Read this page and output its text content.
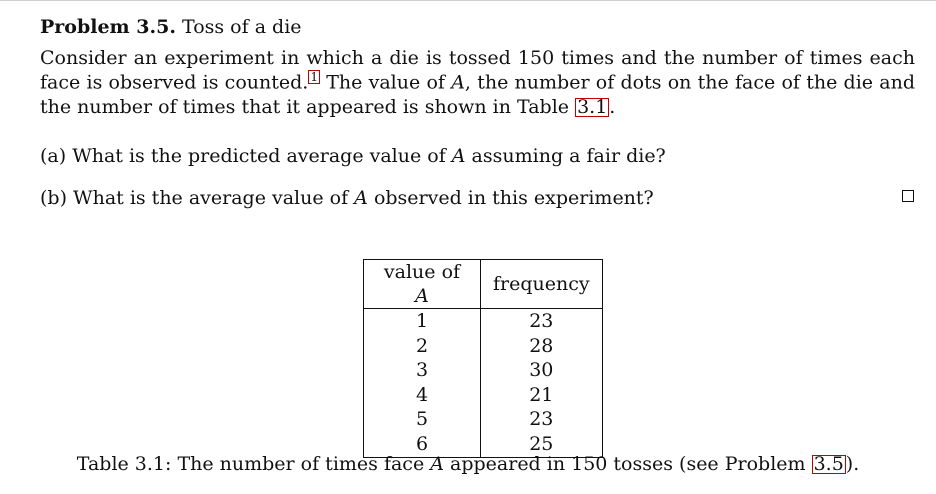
Problem 3.5. Toss of a die

Consider an experiment in which a die is tossed 150 times and the number of times each face is observed is counted. 1 The value of A, the number of dots on the face of the die and the number of times that it appeared is shown in Table 3.1 .

(a) What is the predicted average value of A assuming a fair die?
(b) What is the average value of A observed in this experiment?
value of A	frequency
1	23
2	28
3	30
4	21
5	23
6	25
Table 3.1: The number of times face A appeared in 150 tosses (see Problem 3.5 ).
